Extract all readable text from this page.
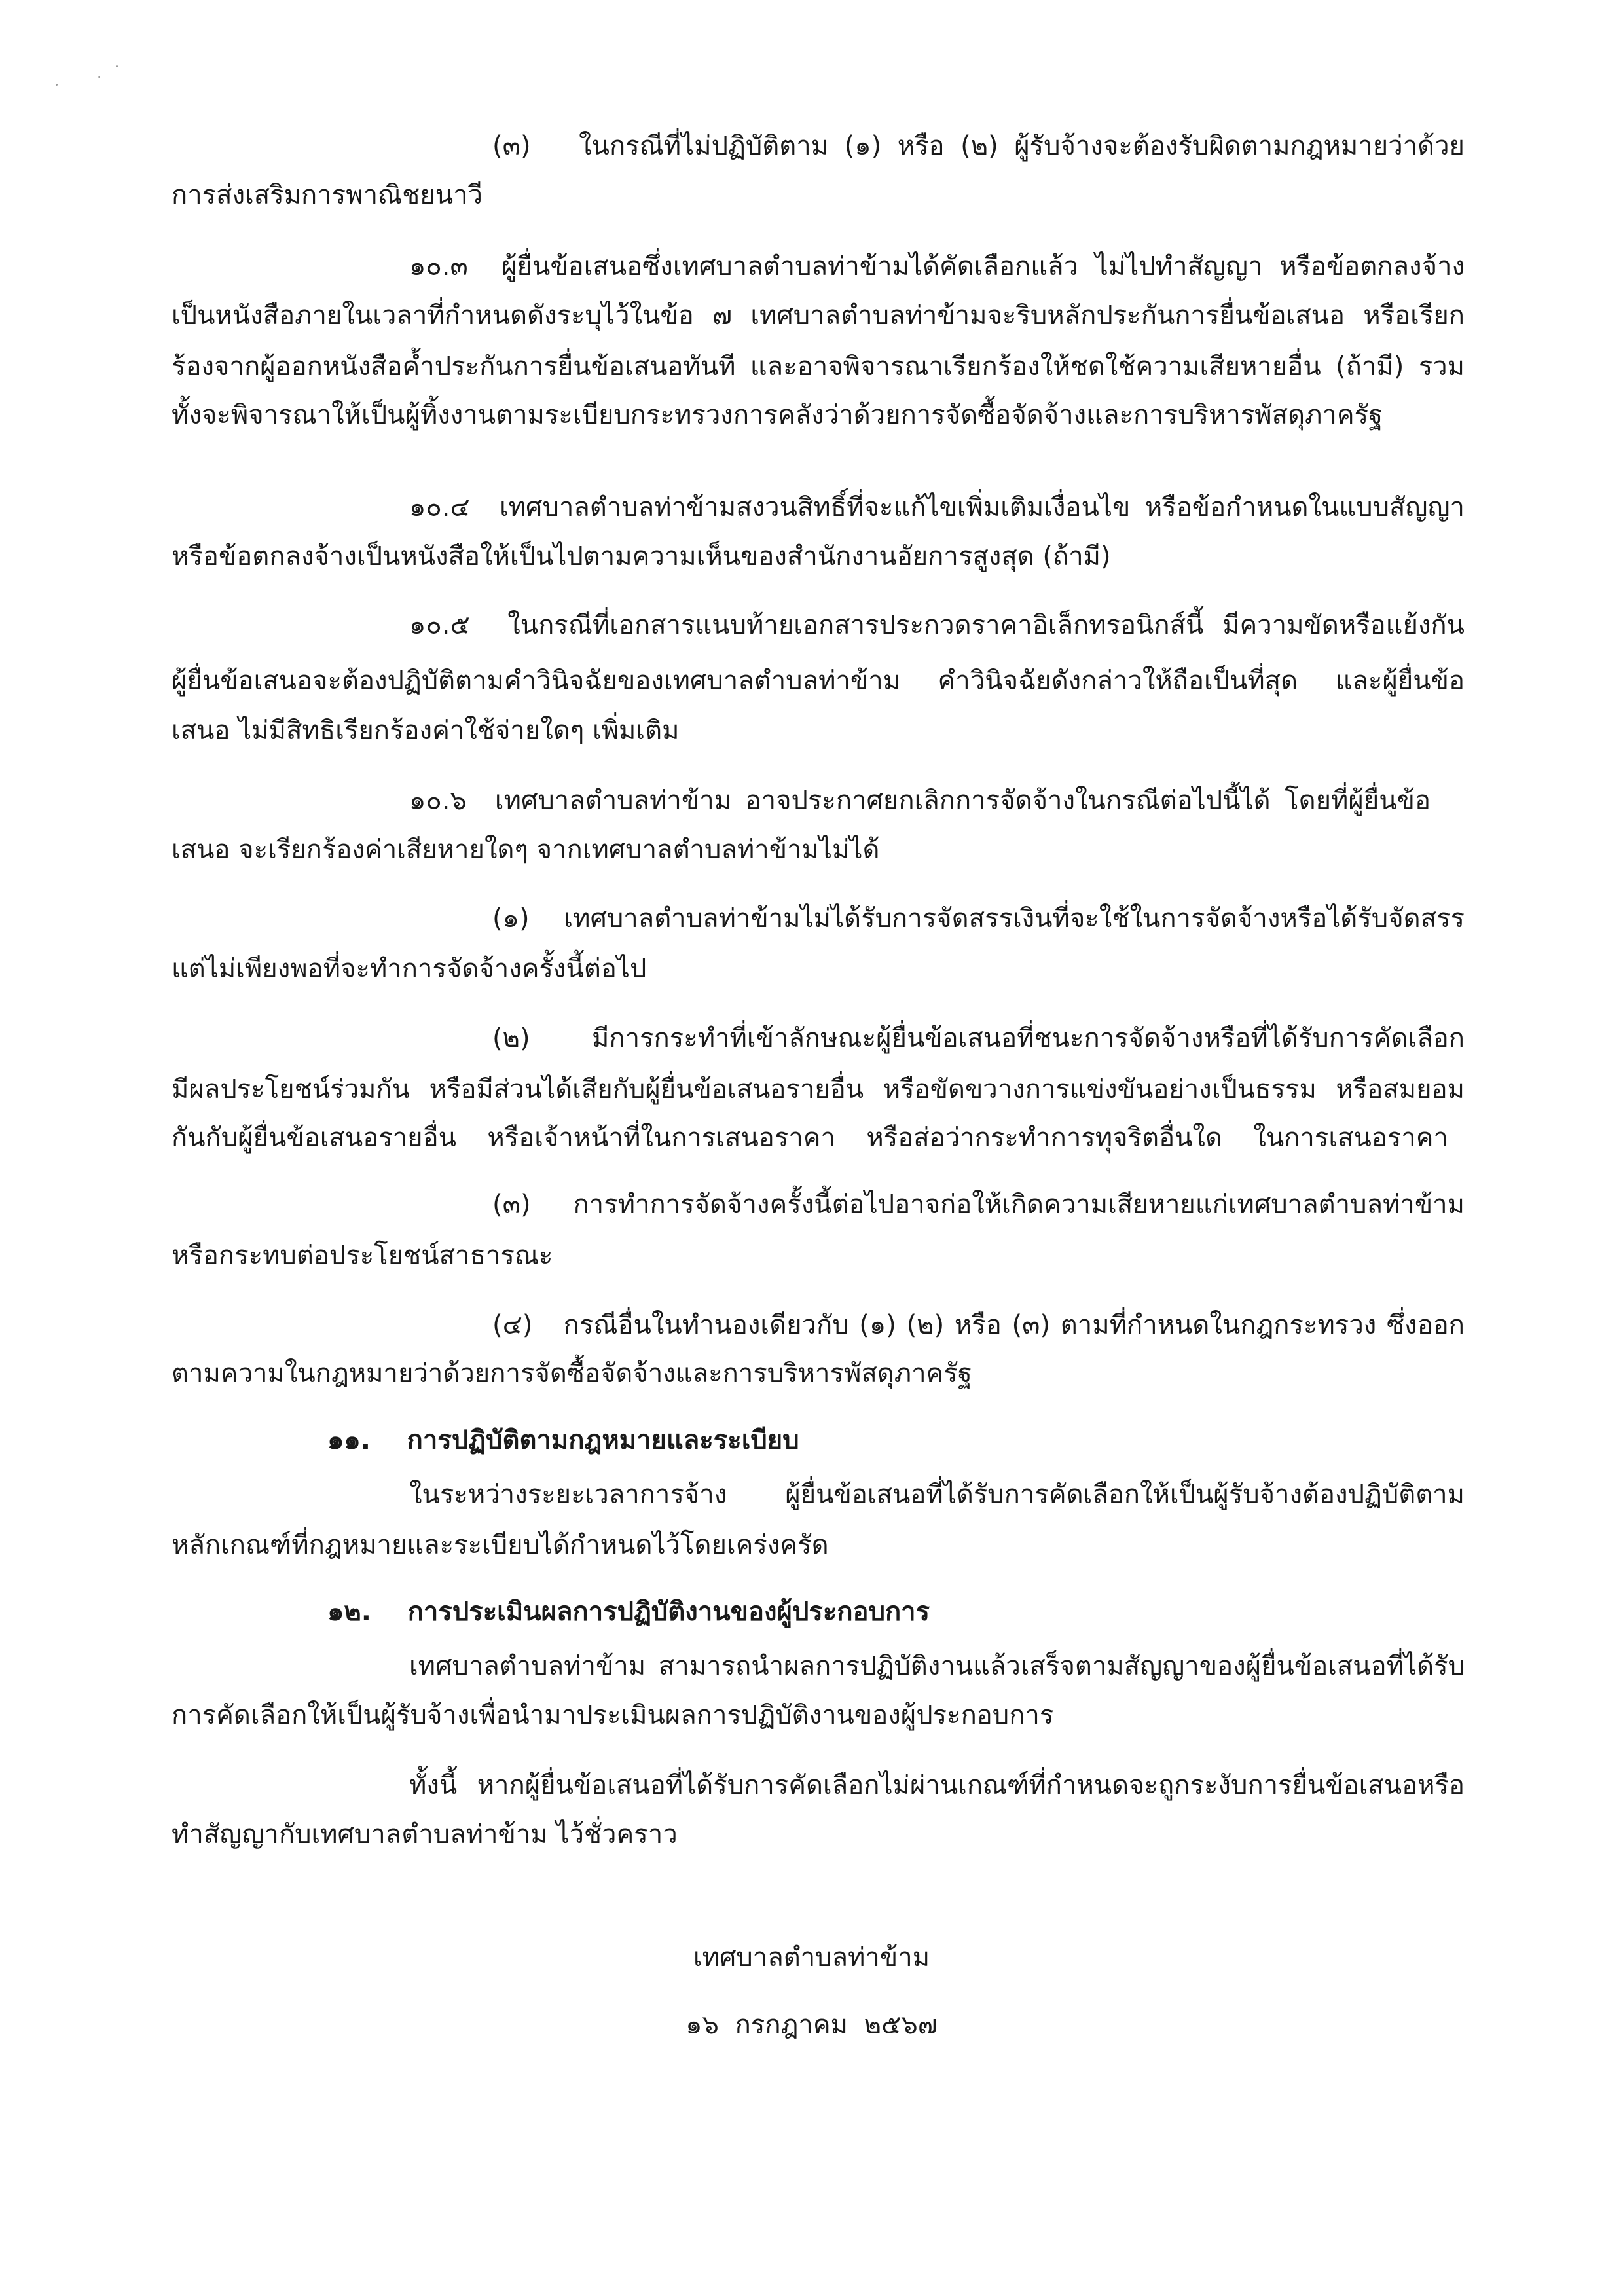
(๓)   ในกรณีที่ไม่ปฏิบัติตาม (๑) หรือ (๒) ผู้รับจ้างจะต้องรับผิดตามกฎหมายว่าด้วย
การส่งเสริมการพาณิชยนาวี
๑๐.๓  ผู้ยื่นข้อเสนอซึ่งเทศบาลตำบลท่าข้ามได้คัดเลือกแล้ว ไม่ไปทำสัญญา หรือข้อตกลงจ้าง
เป็นหนังสือภายในเวลาที่กำหนดดังระบุไว้ในข้อ ๗ เทศบาลตำบลท่าข้ามจะริบหลักประกันการยื่นข้อเสนอ หรือเรียก
ร้องจากผู้ออกหนังสือค้ำประกันการยื่นข้อเสนอทันที และอาจพิจารณาเรียกร้องให้ชดใช้ความเสียหายอื่น (ถ้ามี) รวม
ทั้งจะพิจารณาให้เป็นผู้ทิ้งงานตามระเบียบกระทรวงการคลังว่าด้วยการจัดซื้อจัดจ้างและการบริหารพัสดุภาครัฐ
๑๐.๔  เทศบาลตำบลท่าข้ามสงวนสิทธิ์ที่จะแก้ไขเพิ่มเติมเงื่อนไข หรือข้อกำหนดในแบบสัญญา
หรือข้อตกลงจ้างเป็นหนังสือให้เป็นไปตามความเห็นของสำนักงานอัยการสูงสุด (ถ้ามี)
๑๐.๕  ในกรณีที่เอกสารแนบท้ายเอกสารประกวดราคาอิเล็กทรอนิกส์นี้ มีความขัดหรือแย้งกัน
ผู้ยื่นข้อเสนอจะต้องปฏิบัติตามคำวินิจฉัยของเทศบาลตำบลท่าข้าม คำวินิจฉัยดังกล่าวให้ถือเป็นที่สุด และผู้ยื่นข้อ
เสนอ ไม่มีสิทธิเรียกร้องค่าใช้จ่ายใดๆ เพิ่มเติม
๑๐.๖  เทศบาลตำบลท่าข้าม อาจประกาศยกเลิกการจัดจ้างในกรณีต่อไปนี้ได้ โดยที่ผู้ยื่นข้อ
เสนอ จะเรียกร้องค่าเสียหายใดๆ จากเทศบาลตำบลท่าข้ามไม่ได้
(๑)   เทศบาลตำบลท่าข้ามไม่ได้รับการจัดสรรเงินที่จะใช้ในการจัดจ้างหรือได้รับจัดสรร
แต่ไม่เพียงพอที่จะทำการจัดจ้างครั้งนี้ต่อไป
(๒)   มีการกระทำที่เข้าลักษณะผู้ยื่นข้อเสนอที่ชนะการจัดจ้างหรือที่ได้รับการคัดเลือก
มีผลประโยชน์ร่วมกัน หรือมีส่วนได้เสียกับผู้ยื่นข้อเสนอรายอื่น หรือขัดขวางการแข่งขันอย่างเป็นธรรม หรือสมยอม
กันกับผู้ยื่นข้อเสนอรายอื่น หรือเจ้าหน้าที่ในการเสนอราคา หรือส่อว่ากระทำการทุจริตอื่นใด ในการเสนอราคา
(๓)   การทำการจัดจ้างครั้งนี้ต่อไปอาจก่อให้เกิดความเสียหายแก่เทศบาลตำบลท่าข้าม
หรือกระทบต่อประโยชน์สาธารณะ
(๔)   กรณีอื่นในทำนองเดียวกับ (๑) (๒) หรือ (๓) ตามที่กำหนดในกฎกระทรวง ซึ่งออก
ตามความในกฎหมายว่าด้วยการจัดซื้อจัดจ้างและการบริหารพัสดุภาครัฐ
๑๑.    การปฏิบัติตามกฎหมายและระเบียบ
ในระหว่างระยะเวลาการจ้าง ผู้ยื่นข้อเสนอที่ได้รับการคัดเลือกให้เป็นผู้รับจ้างต้องปฏิบัติตาม
หลักเกณฑ์ที่กฎหมายและระเบียบได้กำหนดไว้โดยเคร่งครัด
๑๒.    การประเมินผลการปฏิบัติงานของผู้ประกอบการ
เทศบาลตำบลท่าข้าม สามารถนำผลการปฏิบัติงานแล้วเสร็จตามสัญญาของผู้ยื่นข้อเสนอที่ได้รับ
การคัดเลือกให้เป็นผู้รับจ้างเพื่อนำมาประเมินผลการปฏิบัติงานของผู้ประกอบการ
ทั้งนี้ หากผู้ยื่นข้อเสนอที่ได้รับการคัดเลือกไม่ผ่านเกณฑ์ที่กำหนดจะถูกระงับการยื่นข้อเสนอหรือ
ทำสัญญากับเทศบาลตำบลท่าข้าม ไว้ชั่วคราว
เทศบาลตำบลท่าข้าม
๑๖ กรกฎาคม ๒๕๖๗
